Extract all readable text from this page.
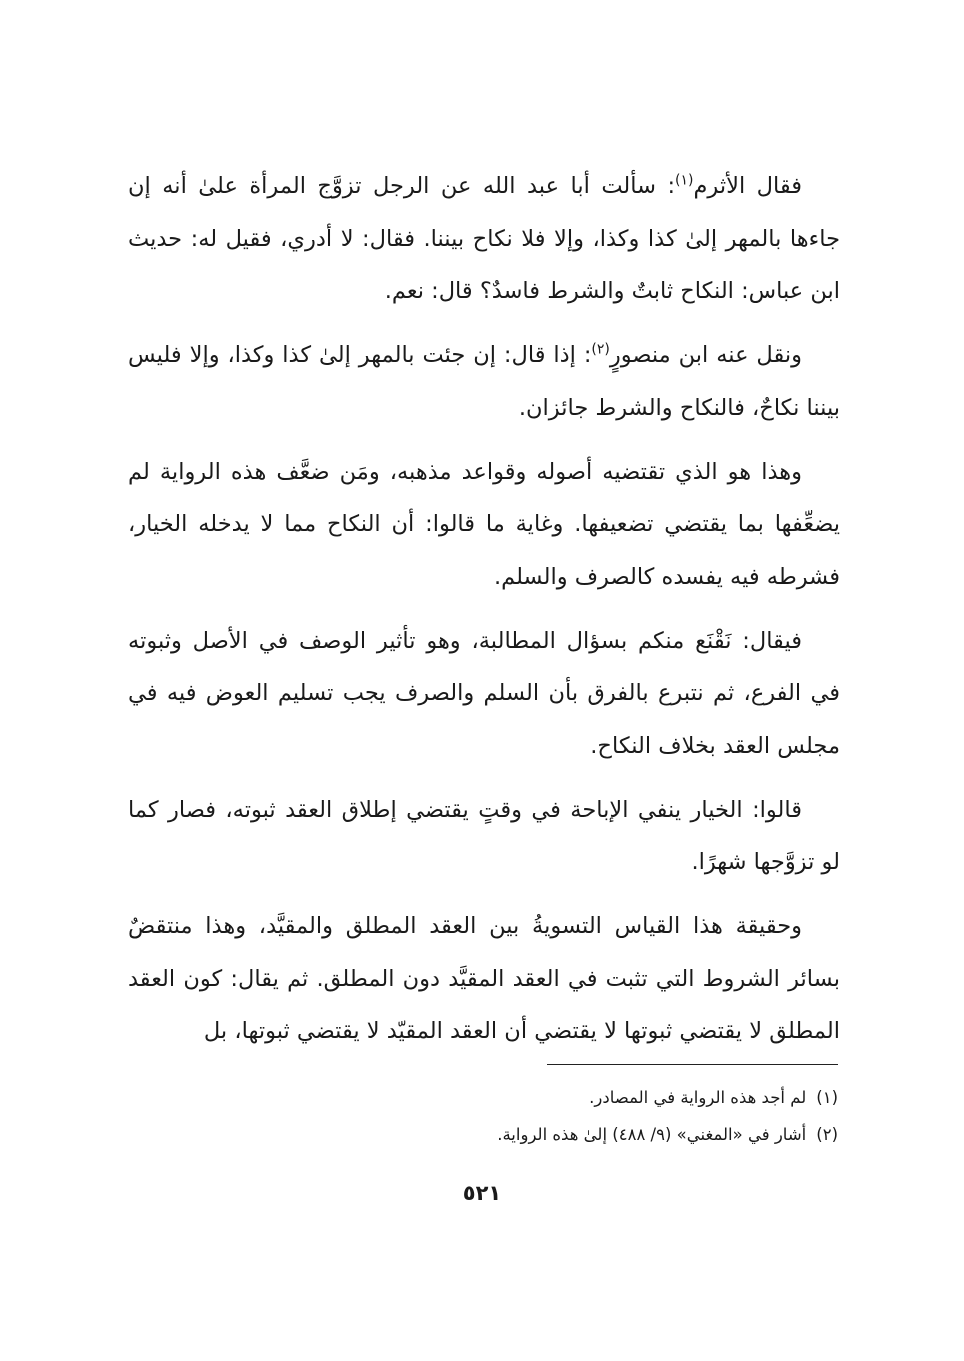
فقال الأثرم$^{(١)}$: سألت أبا عبد الله عن الرجل تزوَّج المرأة علىٰ أنه إن جاءها بالمهر إلىٰ كذا وكذا، وإلا فلا نكاح بيننا. فقال: لا أدري، فقيل له: حديث ابن عباس: النكاح ثابتٌ والشرط فاسدٌ؟ قال: نعم.

ونقل عنه ابن منصورٍ$^{(٢)}$: إذا قال: إن جئت بالمهر إلىٰ كذا وكذا، وإلا فليس بيننا نكاحٌ، فالنكاح والشرط جائزان.

وهذا هو الذي تقتضيه أصوله وقواعد مذهبه، ومَن ضعَّف هذه الرواية لم يضعِّفها بما يقتضي تضعيفها. وغاية ما قالوا: أن النكاح مما لا يدخله الخيار، فشرطه فيه يفسده كالصرف والسلم.

فيقال: نَقْنَع منكم بسؤال المطالبة، وهو تأثير الوصف في الأصل وثبوته في الفرع، ثم نتبرع بالفرق بأن السلم والصرف يجب تسليم العوض فيه في مجلس العقد بخلاف النكاح.

قالوا: الخيار ينفي الإباحة في وقتٍ يقتضي إطلاق العقد ثبوته، فصار كما لو تزوَّجها شهرًا.

وحقيقة هذا القياس التسويةُ بين العقد المطلق والمقيَّد، وهذا منتقضٌ بسائر الشروط التي تثبت في العقد المقيَّد دون المطلق. ثم يقال: كون العقد المطلق لا يقتضي ثبوتها لا يقتضي أن العقد المقيّد لا يقتضي ثبوتها، بل

(١)لم أجد هذه الرواية في المصادر.
(٢)أشار في «المغني» (٩/ ٤٨٨) إلىٰ هذه الرواية.
٥٢١
